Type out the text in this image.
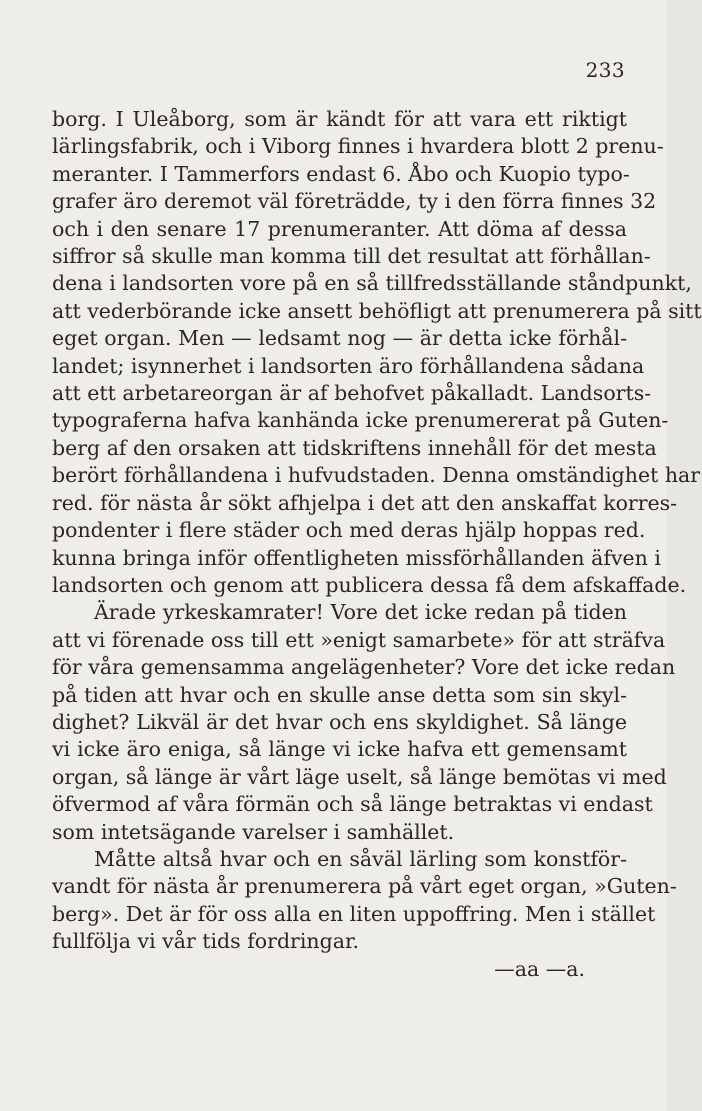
233
borg. I Uleåborg, som är kändt för att vara ett riktigt
lärlingsfabrik, och i Viborg finnes i hvardera blott 2 prenu-
meranter. I Tammerfors endast 6. Åbo och Kuopio typo-
grafer äro deremot väl företrädde, ty i den förra finnes 32
och i den senare 17 prenumeranter. Att döma af dessa
siffror så skulle man komma till det resultat att förhållan-
dena i landsorten vore på en så tillfredsställande ståndpunkt,
att vederbörande icke ansett behöfligt att prenumerera på sitt
eget organ. Men — ledsamt nog — är detta icke förhål-
landet; isynnerhet i landsorten äro förhållandena sådana
att ett arbetareorgan är af behofvet påkalladt. Landsorts-
typograferna hafva kanhända icke prenumererat på Guten-
berg af den orsaken att tidskriftens innehåll för det mesta
berört förhållandena i hufvudstaden. Denna omständighet har
red. för nästa år sökt afhjelpa i det att den anskaffat korres-
pondenter i flere städer och med deras hjälp hoppas red.
kunna bringa inför offentligheten missförhållanden äfven i
landsorten och genom att publicera dessa få dem afskaffade.
Ärade yrkeskamrater! Vore det icke redan på tiden
att vi förenade oss till ett »enigt samarbete» för att sträfva
för våra gemensamma angelägenheter? Vore det icke redan
på tiden att hvar och en skulle anse detta som sin skyl-
dighet? Likväl är det hvar och ens skyldighet. Så länge
vi icke äro eniga, så länge vi icke hafva ett gemensamt
organ, så länge är vårt läge uselt, så länge bemötas vi med
öfvermod af våra förmän och så länge betraktas vi endast
som intetsägande varelser i samhället.
Måtte altså hvar och en såväl lärling som konstför-
vandt för nästa år prenumerera på vårt eget organ, »Guten-
berg». Det är för oss alla en liten uppoffring. Men i stället
fullfölja vi vår tids fordringar.
—aa —a.
